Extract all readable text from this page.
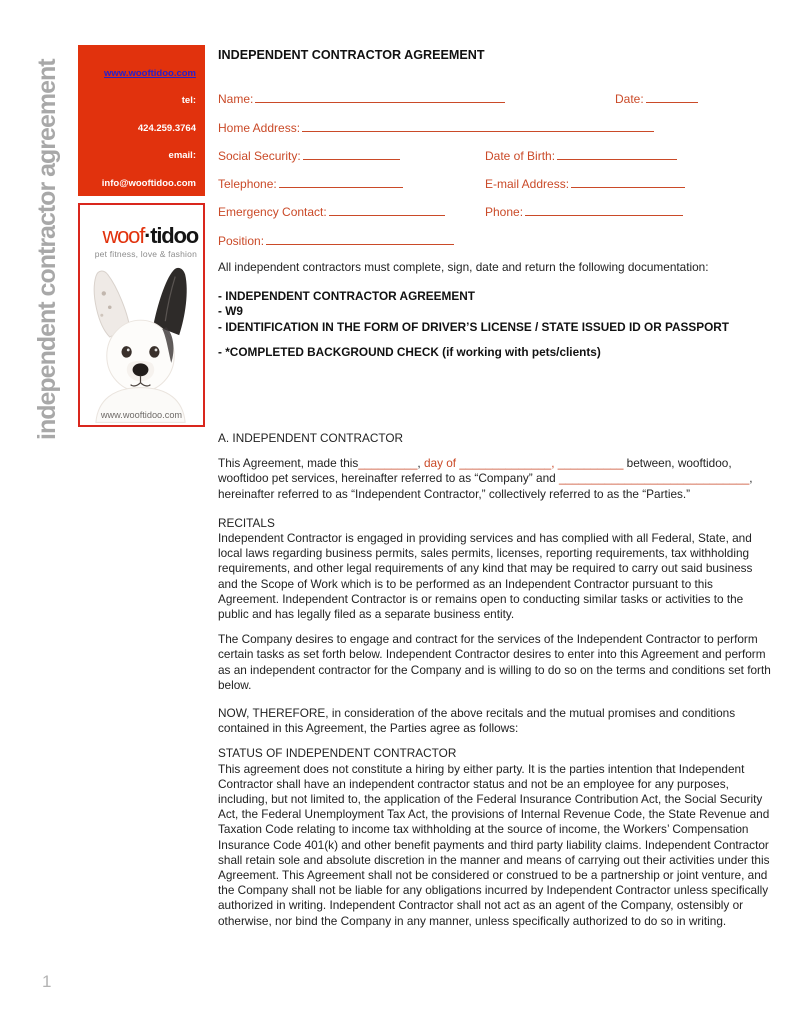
independent contractor agreement	www.wooftidoo.com
tel:
424.259.3764
email:
info@wooftidoo.com
woof·tidoo
pet fitness, love & fashion
www.wooftidoo.com
INDEPENDENT CONTRACTOR AGREEMENT
Name:	Date:
Home Address:
Social Security:	Date of Birth:
Telephone:	E-mail Address:
Emergency Contact:	Phone:
Position:
All independent contractors must complete, sign, date and return the following documentation:
- INDEPENDENT CONTRACTOR AGREEMENT
- W9
- IDENTIFICATION IN THE FORM OF DRIVER’S LICENSE / STATE ISSUED ID OR PASSPORT
- *COMPLETED BACKGROUND CHECK (if working with pets/clients)
A. INDEPENDENT CONTRACTOR
This Agreement, made this_________, day of ______________, __________ between, wooftidoo, wooftidoo pet services, hereinafter referred to as “Company” and _____________________________, hereinafter referred to as “Independent Contractor,” collectively referred to as the “Parties.”
RECITALS
Independent Contractor is engaged in providing services and has complied with all Federal, State, and local laws regarding business permits, sales permits, licenses, reporting requirements, tax withholding requirements, and other legal requirements of any kind that may be required to carry out said business and the Scope of Work which is to be performed as an Independent Contractor pursuant to this Agreement. Independent Contractor is or remains open to conducting similar tasks or activities to the public and has legally filed as a separate business entity.
The Company desires to engage and contract for the services of the Independent Contractor to perform certain tasks as set forth below. Independent Contractor desires to enter into this Agreement and perform as an independent contractor for the Company and is willing to do so on the terms and conditions set forth below.
NOW, THEREFORE, in consideration of the above recitals and the mutual promises and conditions contained in this Agreement, the Parties agree as follows:
STATUS OF INDEPENDENT CONTRACTOR
This agreement does not constitute a hiring by either party. It is the parties intention that Independent Contractor shall have an independent contractor status and not be an employee for any purposes, including, but not limited to, the application of the Federal Insurance Contribution Act, the Social Security Act, the Federal Unemployment Tax Act, the provisions of Internal Revenue Code, the State Revenue and Taxation Code relating to income tax withholding at the source of income, the Workers’ Compensation Insurance Code 401(k) and other benefit payments and third party liability claims. Independent Contractor shall retain sole and absolute discretion in the manner and means of carrying out their activities under this Agreement. This Agreement shall not be considered or construed to be a partnership or joint venture, and the Company shall not be liable for any obligations incurred by Independent Contractor unless specifically authorized in writing. Independent Contractor shall not act as an agent of the Company, ostensibly or otherwise, nor bind the Company in any manner, unless specifically authorized to do so in writing.
1
